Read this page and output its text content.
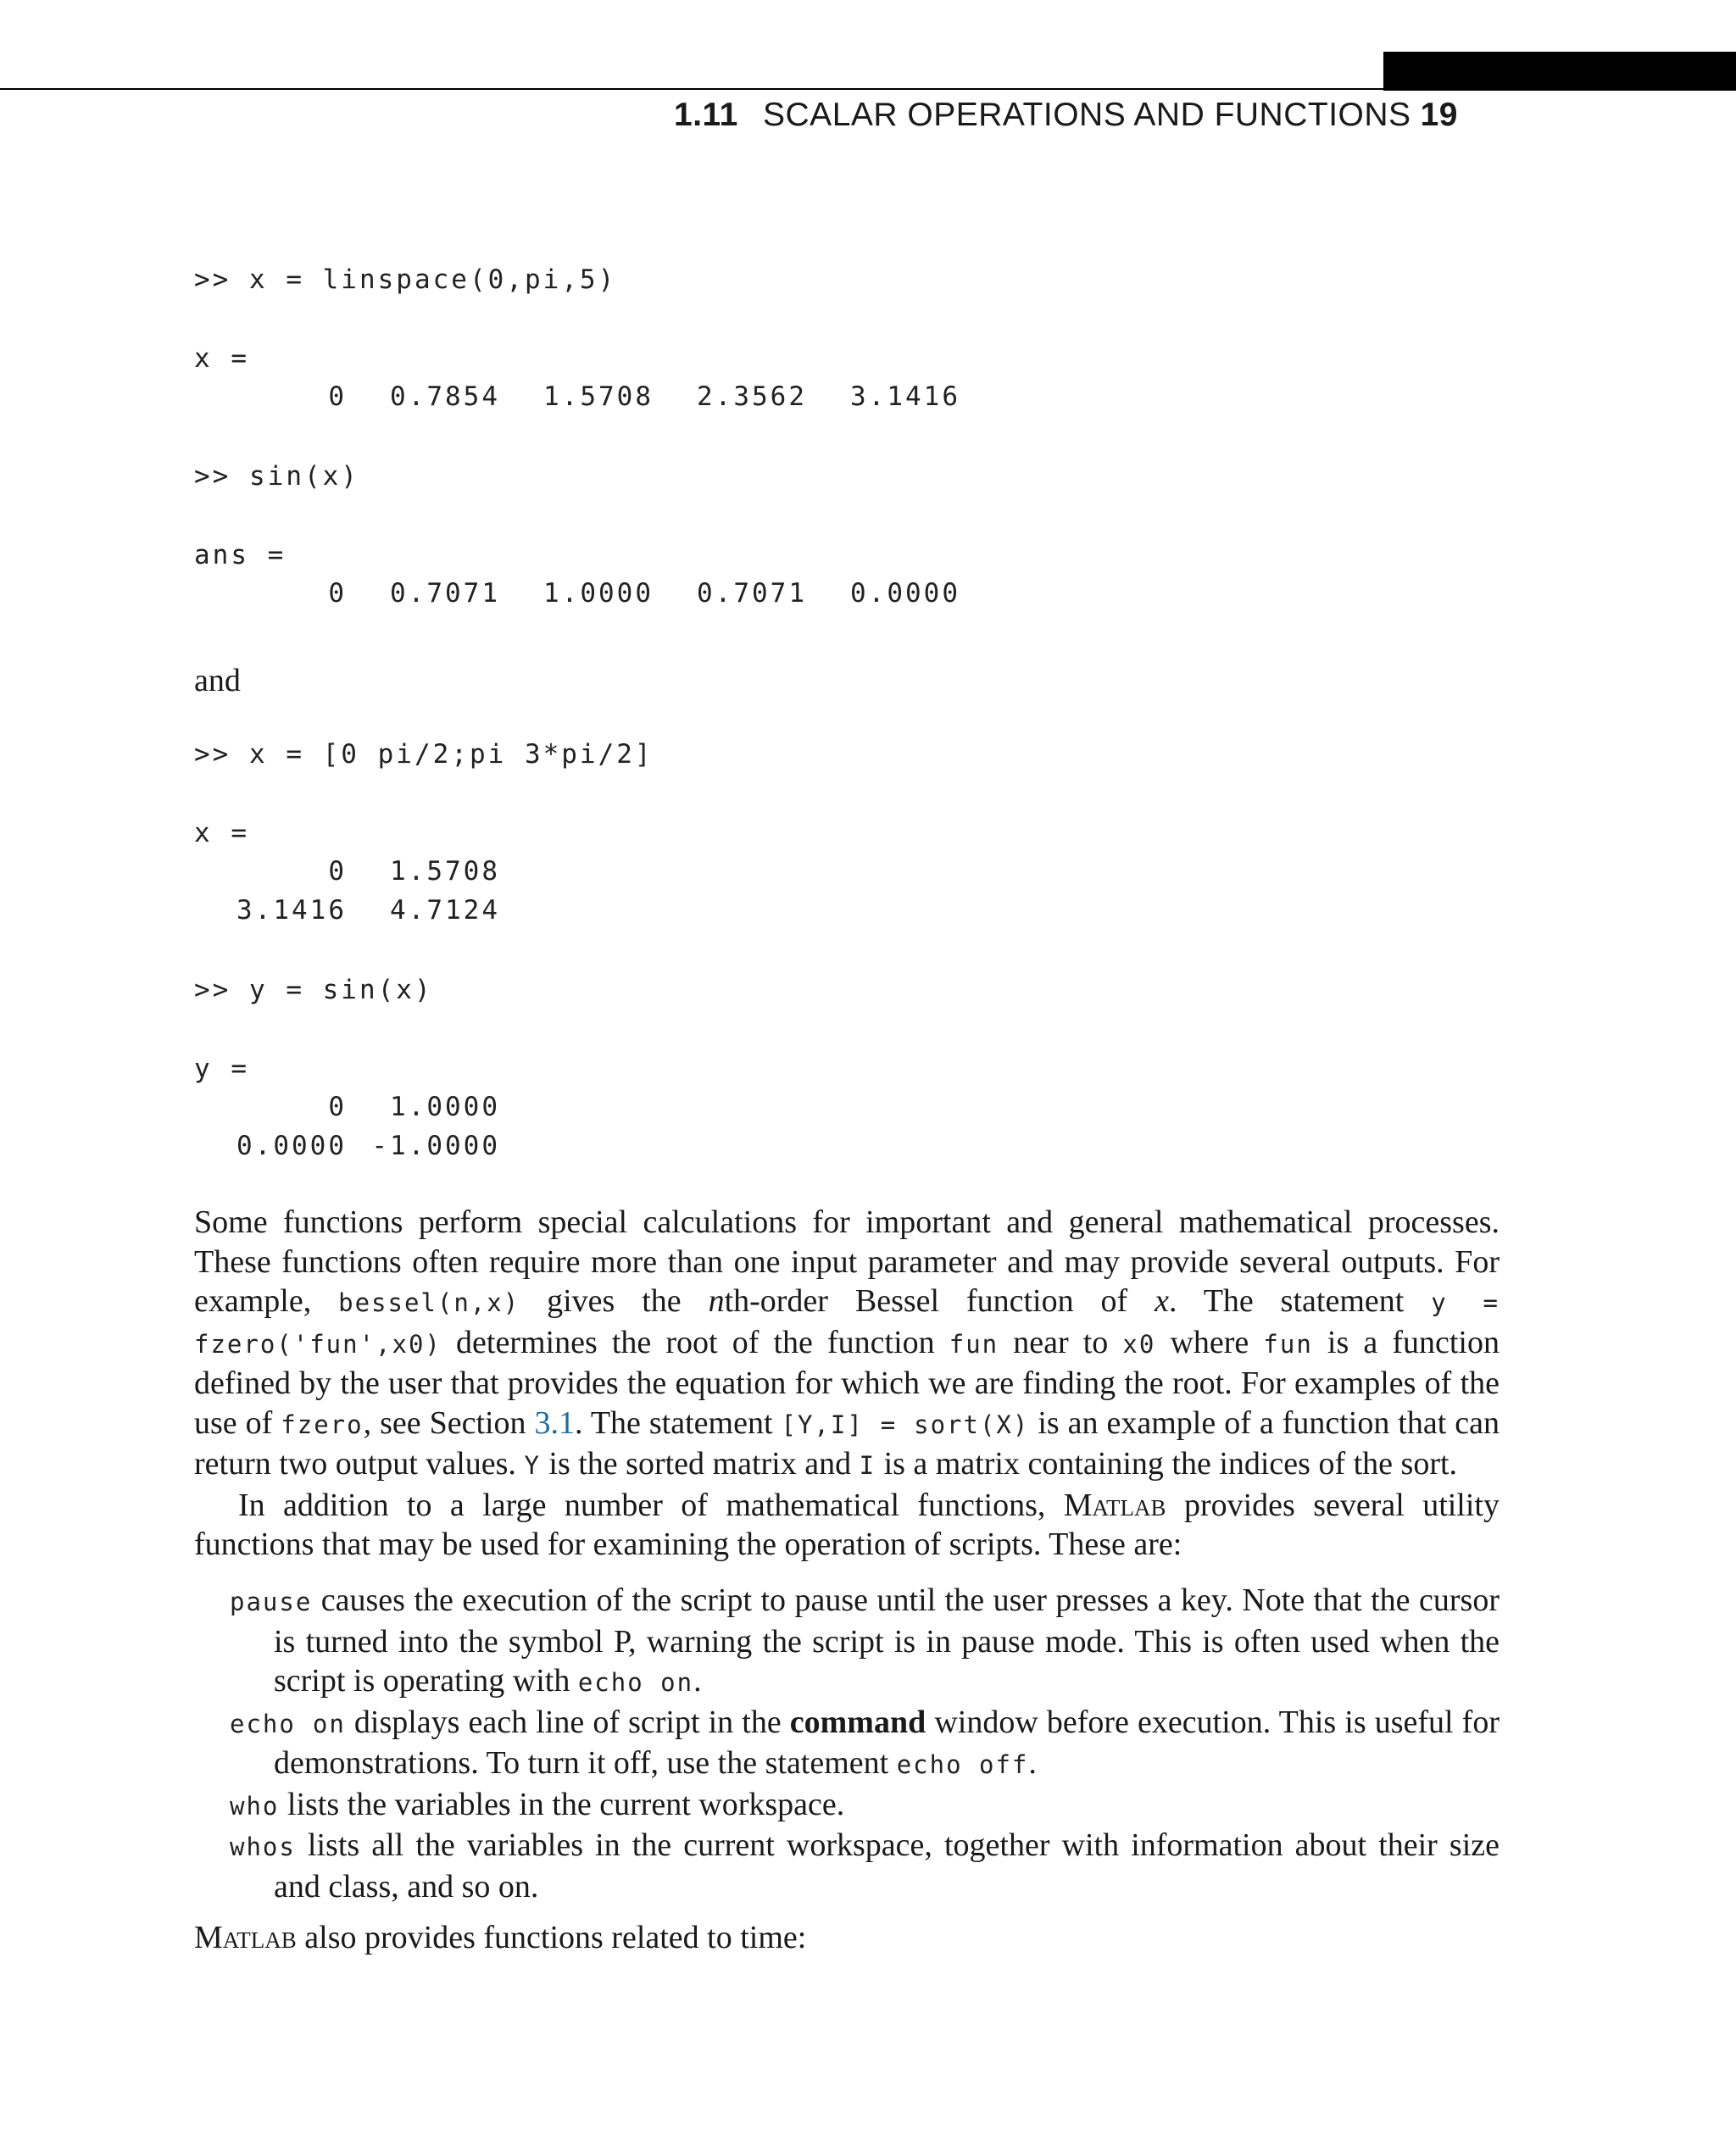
1.11 SCALAR OPERATIONS AND FUNCTIONS 19
>> x = linspace(0,pi,5)
x =
0	0.7854	1.5708	2.3562	3.1416
>> sin(x)
ans =
0	0.7071	1.0000	0.7071	0.0000
and
>> x = [0 pi/2;pi 3*pi/2]
x =
0	1.5708
3.1416	4.7124
>> y = sin(x)
y =
0	1.0000
0.0000 -1.0000

Some functions perform special calculations for important and general mathematical processes. These functions often require more than one input parameter and may provide several outputs. For example, bessel(n,x) gives the nth-order Bessel function of x. The statement y = fzero('fun',x0) determines the root of the function fun near to x0 where fun is a function defined by the user that provides the equation for which we are finding the root. For examples of the use of fzero, see Section 3.1. The statement [Y,I] = sort(X) is an example of a function that can return two output values. Y is the sorted matrix and I is a matrix containing the indices of the sort.

In addition to a large number of mathematical functions, Matlab provides several utility functions that may be used for examining the operation of scripts. These are:

pause causes the execution of the script to pause until the user presses a key. Note that the cursor is turned into the symbol P, warning the script is in pause mode. This is often used when the script is operating with echo on.
echo on displays each line of script in the command window before execution. This is useful for demonstrations. To turn it off, use the statement echo off.
who lists the variables in the current workspace.
whos lists all the variables in the current workspace, together with information about their size and class, and so on.
Matlab also provides functions related to time:
